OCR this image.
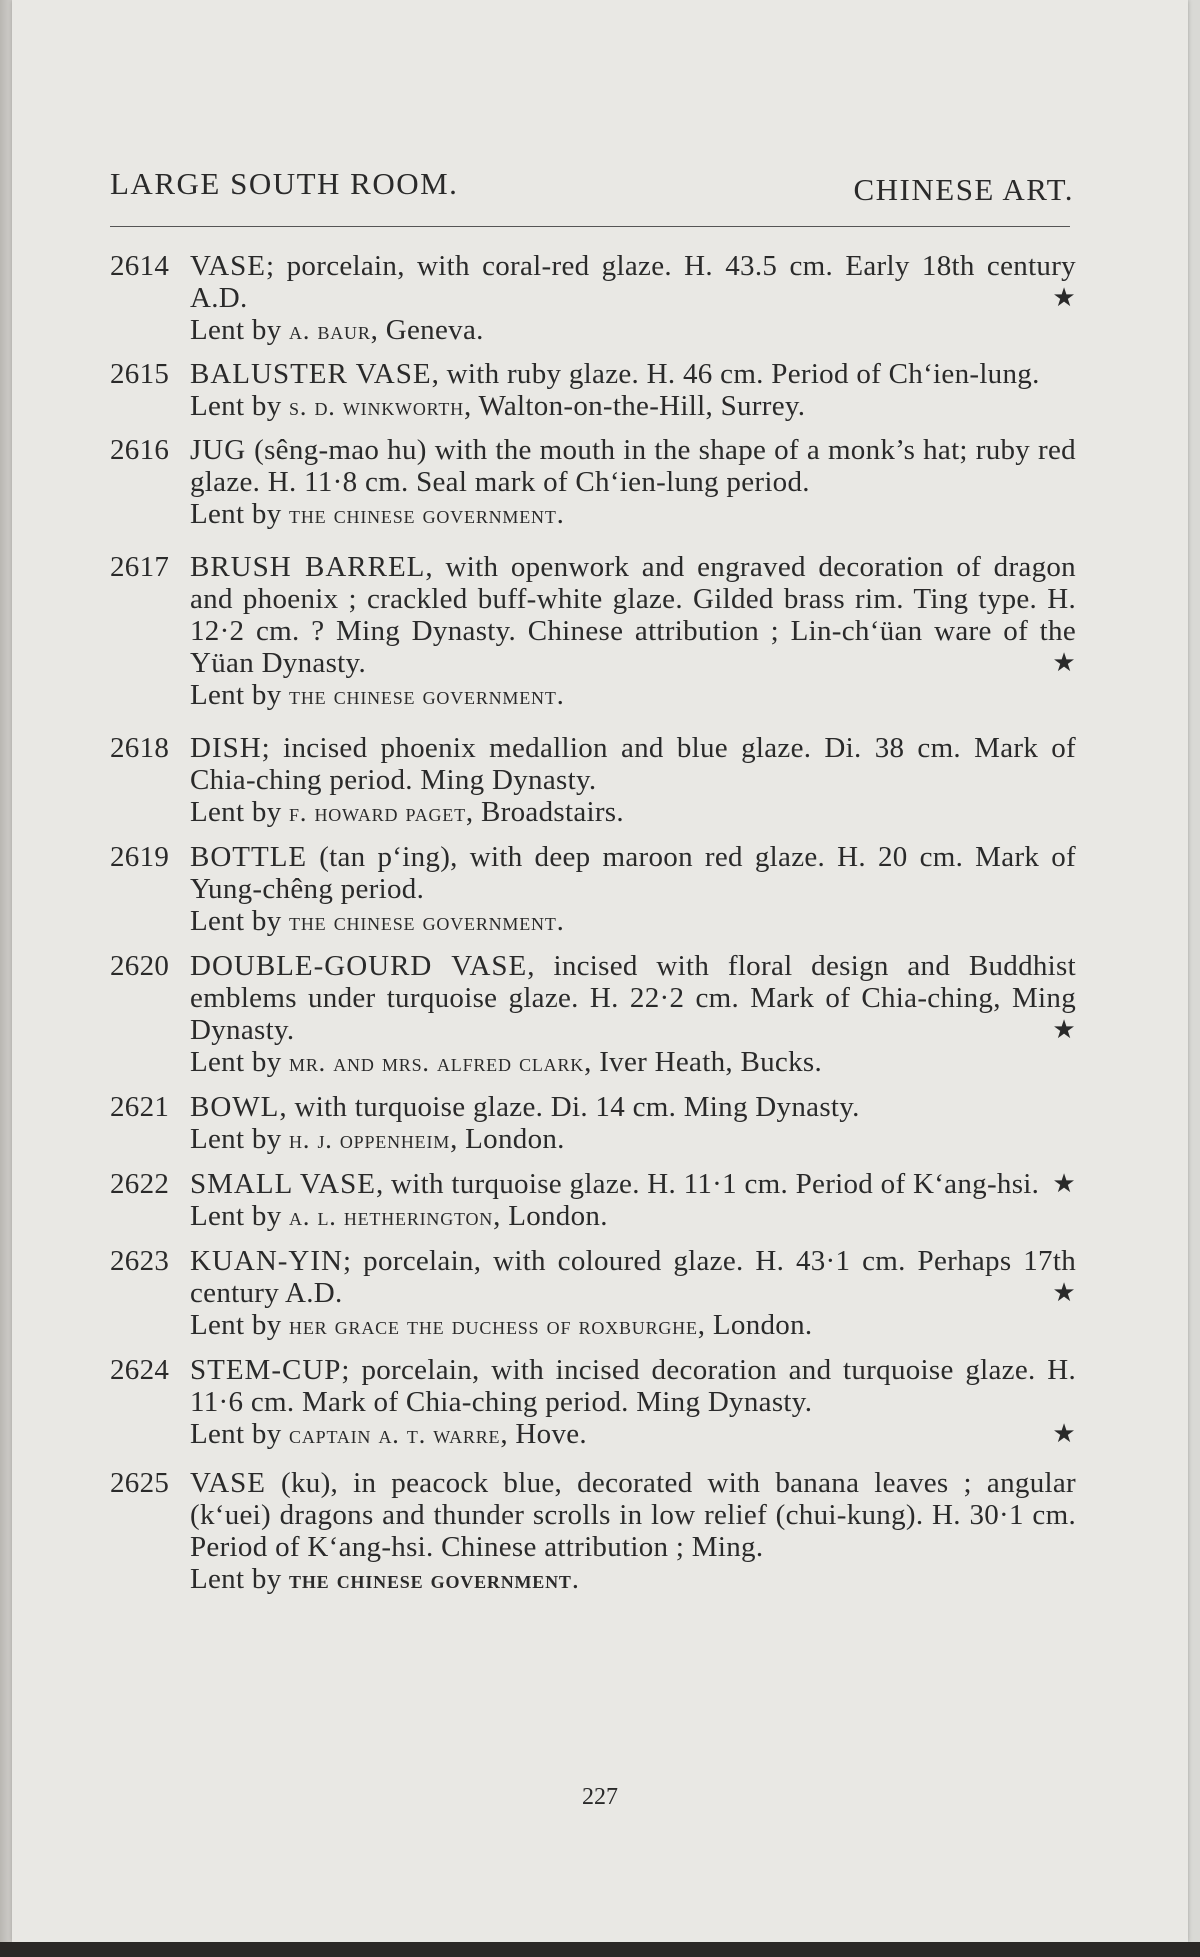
LARGE SOUTH ROOM.	CHINESE ART.
2614 VASE; porcelain, with coral-red glaze. H. 43.5 cm. Early 18th century A.D.	★
Lent by a. baur, Geneva.
2615 BALUSTER VASE, with ruby glaze. H. 46 cm. Period of Ch‘ien-lung.
Lent by s. d. winkworth, Walton-on-the-Hill, Surrey.
2616 JUG (sêng-mao hu) with the mouth in the shape of a monk’s hat; ruby red glaze. H. 11·8 cm. Seal mark of Ch‘ien-lung period.
Lent by the chinese government.
2617 BRUSH BARREL, with openwork and engraved decoration of dragon and phoenix ; crackled buff-white glaze. Gilded brass rim. Ting type. H. 12·2 cm. ? Ming Dynasty. Chinese attribution ; Lin-ch‘üan ware of the Yüan Dynasty.	★
Lent by the chinese government.
2618 DISH; incised phoenix medallion and blue glaze. Di. 38 cm. Mark of Chia-ching period. Ming Dynasty.
Lent by f. howard paget, Broadstairs.
2619 BOTTLE (tan p‘ing), with deep maroon red glaze. H. 20 cm. Mark of Yung-chêng period.
Lent by the chinese government.
2620 DOUBLE-GOURD VASE, incised with floral design and Buddhist emblems under turquoise glaze. H. 22·2 cm. Mark of Chia-ching, Ming Dynasty.	★
Lent by mr. and mrs. alfred clark, Iver Heath, Bucks.
2621 BOWL, with turquoise glaze. Di. 14 cm. Ming Dynasty.
Lent by h. j. oppenheim, London.
2622 SMALL VASE, with turquoise glaze. H. 11·1 cm. Period of K‘ang-hsi. ★
Lent by a. l. hetherington, London.
2623 KUAN-YIN; porcelain, with coloured glaze. H. 43·1 cm. Perhaps 17th century A.D.	★
Lent by her grace the duchess of roxburghe, London.
2624 STEM-CUP; porcelain, with incised decoration and turquoise glaze. H. 11·6 cm. Mark of Chia-ching period. Ming Dynasty.
★
Lent by captain a. t. warre, Hove.
2625 VASE (ku), in peacock blue, decorated with banana leaves ; angular (k‘uei) dragons and thunder scrolls in low relief (chui-kung). H. 30·1 cm. Period of K‘ang-hsi. Chinese attribution ; Ming.
Lent by the chinese government.
227
